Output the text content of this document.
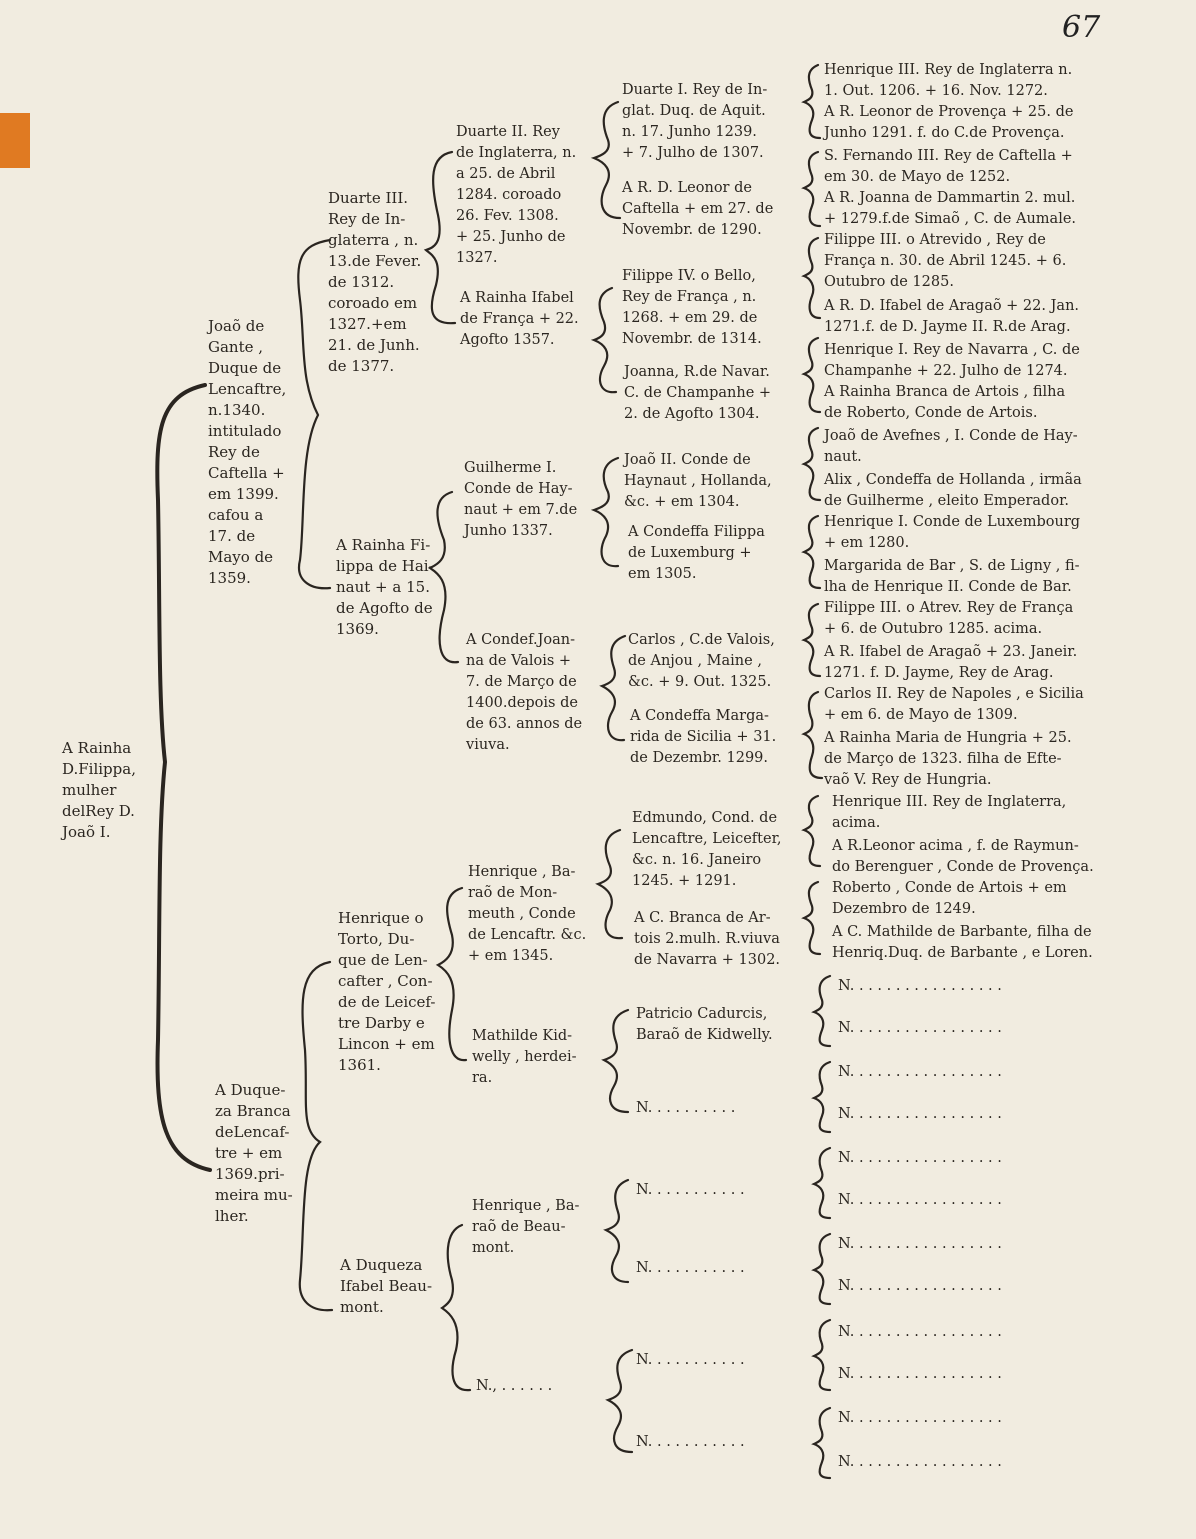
67
A Rainha
D.Filippa,
mulher
delRey D.
Joaõ I.
Joaõ de
Gante ,
Duque de
Lencaftre,
n.1340.
intitulado
Rey de
Caftella +
em 1399.
cafou a
17. de
Mayo de
1359.
A Duque-
za Branca
deLencaf-
tre + em
1369.pri-
meira mu-
lher.
Duarte III.
Rey de In-
glaterra , n.
13.de Fever.
de 1312.
coroado em
1327.+em
21. de Junh.
de 1377.
A Rainha Fi-
lippa de Hai-
naut + a 15.
de Agofto de
1369.
Henrique o
Torto, Du-
que de Len-
cafter , Con-
de de Leicef-
tre Darby e
Lincon + em
1361.
A Duqueza
Ifabel Beau-
mont.
Duarte II. Rey
de Inglaterra, n.
a 25. de Abril
1284. coroado
26. Fev. 1308.
+ 25. Junho de
1327.
A Rainha Ifabel
de França + 22.
Agofto 1357.
Guilherme I.
Conde de Hay-
naut + em 7.de
Junho 1337.
A Condef.Joan-
na de Valois +
7. de Março de
1400.depois de
de 63. annos de
viuva.
Henrique , Ba-
raõ de Mon-
meuth , Conde
de Lencaftr. &c.
+ em 1345.
Mathilde Kid-
welly , herdei-
ra.
Henrique , Ba-
raõ de Beau-
mont.
N., . . . . . .
Duarte I. Rey de In-
glat. Duq. de Aquit.
n. 17. Junho 1239.
+ 7. Julho de 1307.
A R. D. Leonor de
Caftella + em 27. de
Novembr. de 1290.
Filippe IV. o Bello,
Rey de França , n.
1268. + em 29. de
Novembr. de 1314.
Joanna, R.de Navar.
C. de Champanhe +
2. de Agofto 1304.
Joaõ II. Conde de
Haynaut , Hollanda,
&c. + em 1304.
A Condeffa Filippa
de Luxemburg +
em 1305.
Carlos , C.de Valois,
de Anjou , Maine ,
&c. + 9. Out. 1325.
A Condeffa Marga-
rida de Sicilia + 31.
de Dezembr. 1299.
Edmundo, Cond. de
Lencaftre, Leicefter,
&c. n. 16. Janeiro
1245. + 1291.
A C. Branca de Ar-
tois 2.mulh. R.viuva
de Navarra + 1302.
Patricio Cadurcis,
Baraõ de Kidwelly.
N. . . . . . . . . .
N. . . . . . . . . . .
N. . . . . . . . . . .
N. . . . . . . . . . .
N. . . . . . . . . . .
Henrique III. Rey de Inglaterra n.
1. Out. 1206. + 16. Nov. 1272.
A R. Leonor de Provença + 25. de
Junho 1291. f. do C.de Provença.
S. Fernando III. Rey de Caftella +
em 30. de Mayo de 1252.
A R. Joanna de Dammartin 2. mul.
+ 1279.f.de Simaõ , C. de Aumale.
Filippe III. o Atrevido , Rey de
França n. 30. de Abril 1245. + 6.
Outubro de 1285.
A R. D. Ifabel de Aragaõ + 22. Jan.
1271.f. de D. Jayme II. R.de Arag.
Henrique I. Rey de Navarra , C. de
Champanhe + 22. Julho de 1274.
A Rainha Branca de Artois , filha
de Roberto, Conde de Artois.
Joaõ de Avefnes , I. Conde de Hay-
naut.
Alix , Condeffa de Hollanda , irmãa
de Guilherme , eleito Emperador.
Henrique I. Conde de Luxembourg
+ em 1280.
Margarida de Bar , S. de Ligny , fi-
lha de Henrique II. Conde de Bar.
Filippe III. o Atrev. Rey de França
+ 6. de Outubro 1285. acima.
A R. Ifabel de Aragaõ + 23. Janeir.
1271. f. D. Jayme, Rey de Arag.
Carlos II. Rey de Napoles , e Sicilia
+ em 6. de Mayo de 1309.
A Rainha Maria de Hungria + 25.
de Março de 1323. filha de Efte-
vaõ V. Rey de Hungria.
Henrique III. Rey de Inglaterra,
acima.
A R.Leonor acima , f. de Raymun-
do Berenguer , Conde de Provença.
Roberto , Conde de Artois + em
Dezembro de 1249.
A C. Mathilde de Barbante, filha de
Henriq.Duq. de Barbante , e Loren.
N. . . . . . . . . . . . . . . . .
N. . . . . . . . . . . . . . . . .
N. . . . . . . . . . . . . . . . .
N. . . . . . . . . . . . . . . . .
N. . . . . . . . . . . . . . . . .
N. . . . . . . . . . . . . . . . .
N. . . . . . . . . . . . . . . . .
N. . . . . . . . . . . . . . . . .
N. . . . . . . . . . . . . . . . .
N. . . . . . . . . . . . . . . . .
N. . . . . . . . . . . . . . . . .
N. . . . . . . . . . . . . . . . .
